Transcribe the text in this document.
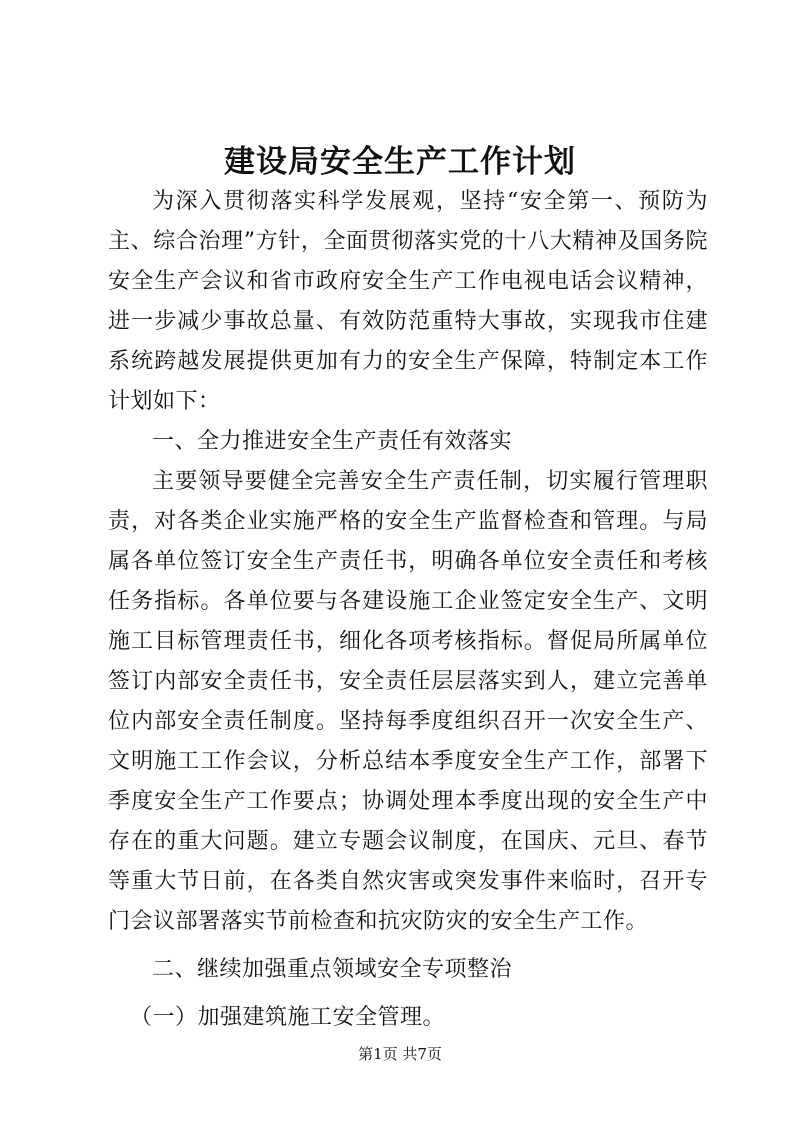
建设局安全生产工作计划

为深入贯彻落实科学发展观，坚持“安全第一、预防为主、综合治理”方针，全面贯彻落实党的十八大精神及国务院安全生产会议和省市政府安全生产工作电视电话会议精神，进一步减少事故总量、有效防范重特大事故，实现我市住建系统跨越发展提供更加有力的安全生产保障，特制定本工作计划如下：

一、全力推进安全生产责任有效落实

主要领导要健全完善安全生产责任制，切实履行管理职责，对各类企业实施严格的安全生产监督检查和管理。与局属各单位签订安全生产责任书，明确各单位安全责任和考核任务指标。各单位要与各建设施工企业签定安全生产、文明施工目标管理责任书，细化各项考核指标。督促局所属单位签订内部安全责任书，安全责任层层落实到人，建立完善单位内部安全责任制度。坚持每季度组织召开一次安全生产、文明施工工作会议，分析总结本季度安全生产工作，部署下季度安全生产工作要点；协调处理本季度出现的安全生产中存在的重大问题。建立专题会议制度，在国庆、元旦、春节等重大节日前，在各类自然灾害或突发事件来临时，召开专门会议部署落实节前检查和抗灾防灾的安全生产工作。

二、继续加强重点领域安全专项整治

（一）加强建筑施工安全管理。

第1页 共7页
